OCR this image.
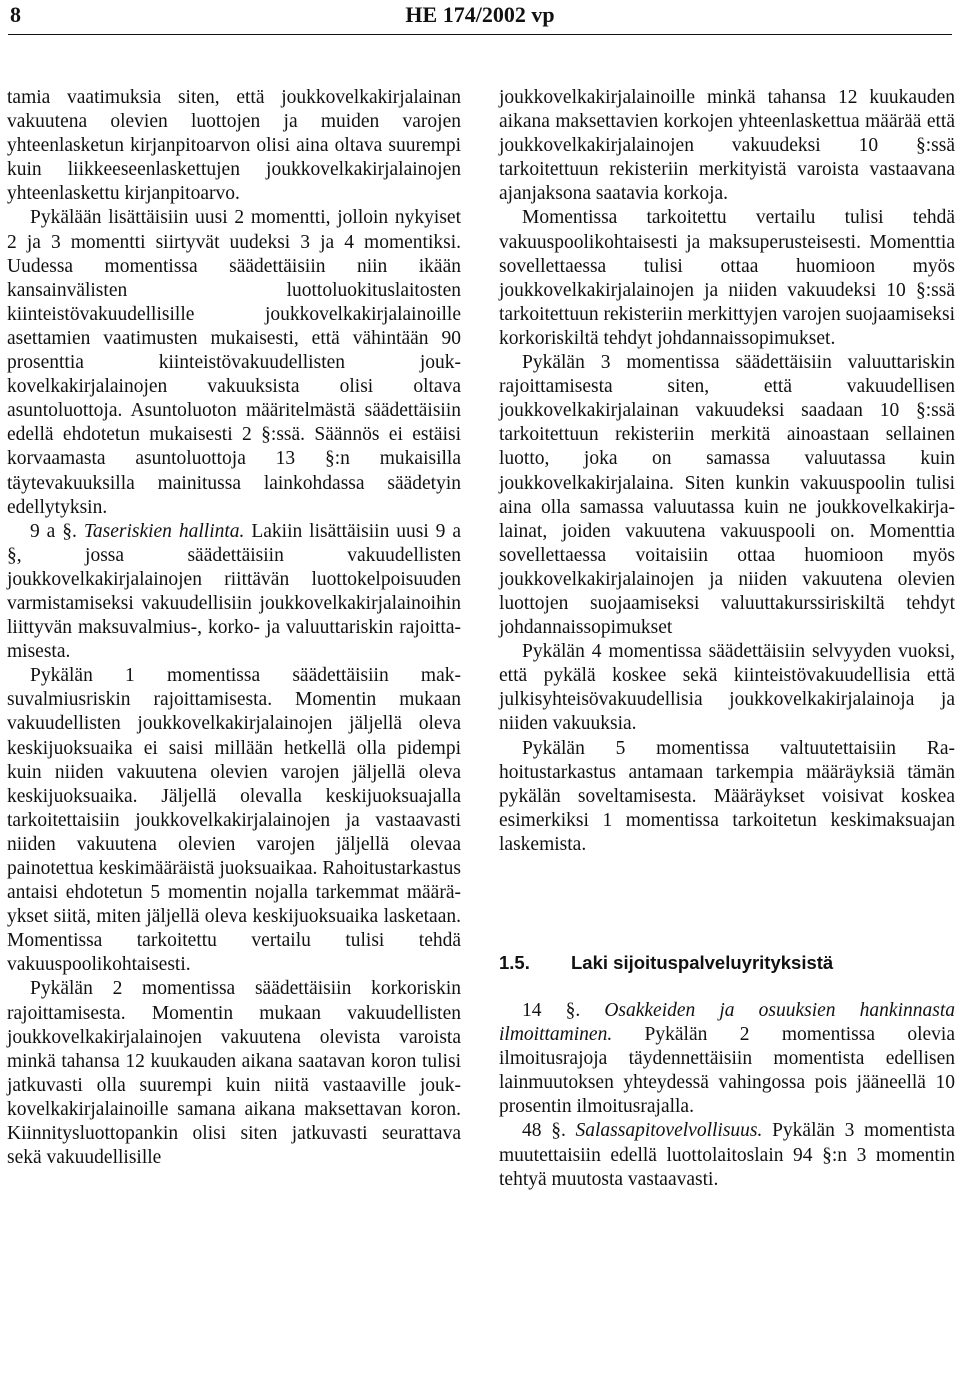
8	HE 174/2002 vp

tamia vaatimuksia siten, että joukkovelkakirjalainan vakuutena olevien luottojen ja muiden varojen yhteenlasketun kirjanpitoarvon olisi aina oltava suurempi kuin liikkeeseenlaskettujen joukkovelkakirjalainojen yhteenlaskettu kirjanpitoarvo.

Pykälään lisättäisiin uusi 2 momentti, jolloin nykyiset 2 ja 3 momentti siirtyvät uudeksi 3 ja 4 momentiksi. Uudessa momentissa säädettäisiin niin ikään kansainvälisten luottoluokituslaitosten kiinteistövakuudellisille joukkovelkakirjalainoille asettamien vaatimusten mukaisesti, että vähintään 90 prosenttia kiinteistövakuudellisten joukkovelkakirjalainojen vakuuksista olisi oltava asuntoluottoja. Asuntoluoton määritelmästä säädettäisiin edellä ehdotetun mukaisesti 2 §:ssä. Säännös ei estäisi korvaamasta asuntoluottoja 13 §:n mukaisilla täytevakuuksilla mainitussa lainkohdassa säädetyin edellytyksin.

9 a §. Taseriskien hallinta. Lakiin lisättäisiin uusi 9 a §, jossa säädettäisiin vakuudellisten joukkovelkakirjalainojen riittävän luottokelpoisuuden varmistamiseksi vakuudellisiin joukkovelkakirjalainoihin liittyvän maksuvalmius-, korko- ja valuuttariskin rajoittamisesta.

Pykälän 1 momentissa säädettäisiin maksuvalmiusriskin rajoittamisesta. Momentin mukaan vakuudellisten joukkovelkakirjalainojen jäljellä oleva keskijuoksuaika ei saisi millään hetkellä olla pidempi kuin niiden vakuutena olevien varojen jäljellä oleva keskijuoksuaika. Jäljellä olevalla keskijuoksuajalla tarkoitettaisiin joukkovelkakirjalainojen ja vastaavasti niiden vakuutena olevien varojen jäljellä olevaa painotettua keskimääräistä juoksuaikaa. Rahoitustarkastus antaisi ehdotetun 5 momentin nojalla tarkemmat määräykset siitä, miten jäljellä oleva keskijuoksuaika lasketaan. Momentissa tarkoitettu vertailu tulisi tehdä vakuuspoolikohtaisesti.

Pykälän 2 momentissa säädettäisiin korkoriskin rajoittamisesta. Momentin mukaan vakuudellisten joukkovelkakirjalainojen vakuutena olevista varoista minkä tahansa 12 kuukauden aikana saatavan koron tulisi jatkuvasti olla suurempi kuin niitä vastaaville joukkovelkakirjalainoille samana aikana maksettavan koron. Kiinnitysluottopankin olisi siten jatkuvasti seurattava sekä vakuudellisille

joukkovelkakirjalainoille minkä tahansa 12 kuukauden aikana maksettavien korkojen yhteenlaskettua määrää että joukkovelkakirjalainojen vakuudeksi 10 §:ssä tarkoitettuun rekisteriin merkityistä varoista vastaavana ajanjaksona saatavia korkoja.

Momentissa tarkoitettu vertailu tulisi tehdä vakuuspoolikohtaisesti ja maksuperusteisesti. Momenttia sovellettaessa tulisi ottaa huomioon myös joukkovelkakirjalainojen ja niiden vakuudeksi 10 §:ssä tarkoitettuun rekisteriin merkittyjen varojen suojaamiseksi korkoriskiltä tehdyt johdannaissopimukset.

Pykälän 3 momentissa säädettäisiin valuuttariskin rajoittamisesta siten, että vakuudellisen joukkovelkakirjalainan vakuudeksi saadaan 10 §:ssä tarkoitettuun rekisteriin merkitä ainoastaan sellainen luotto, joka on samassa valuutassa kuin joukkovelkakirjalaina. Siten kunkin vakuuspoolin tulisi aina olla samassa valuutassa kuin ne joukkovelkakirjalainat, joiden vakuutena vakuuspooli on. Momenttia sovellettaessa voitaisiin ottaa huomioon myös joukkovelkakirjalainojen ja niiden vakuutena olevien luottojen suojaamiseksi valuuttakurssiriskiltä tehdyt johdannaissopimukset

Pykälän 4 momentissa säädettäisiin selvyyden vuoksi, että pykälä koskee sekä kiinteistövakuudellisia että julkisyhteisövakuudellisia joukkovelkakirjalainoja ja niiden vakuuksia.

Pykälän 5 momentissa valtuutettaisiin Rahoitustarkastus antamaan tarkempia määräyksiä tämän pykälän soveltamisesta. Määräykset voisivat koskea esimerkiksi 1 momentissa tarkoitetun keskimaksuajan laskemista.

1.5.	Laki sijoituspalveluyrityksistä

14 §. Osakkeiden ja osuuksien hankinnasta ilmoittaminen. Pykälän 2 momentissa olevia ilmoitusrajoja täydennettäisiin momentista edellisen lainmuutoksen yhteydessä vahingossa pois jääneellä 10 prosentin ilmoitusrajalla.

48 §. Salassapitovelvollisuus. Pykälän 3 momentista muutettaisiin edellä luottolaitoslain 94 §:n 3 momentin tehtyä muutosta vastaavasti.
